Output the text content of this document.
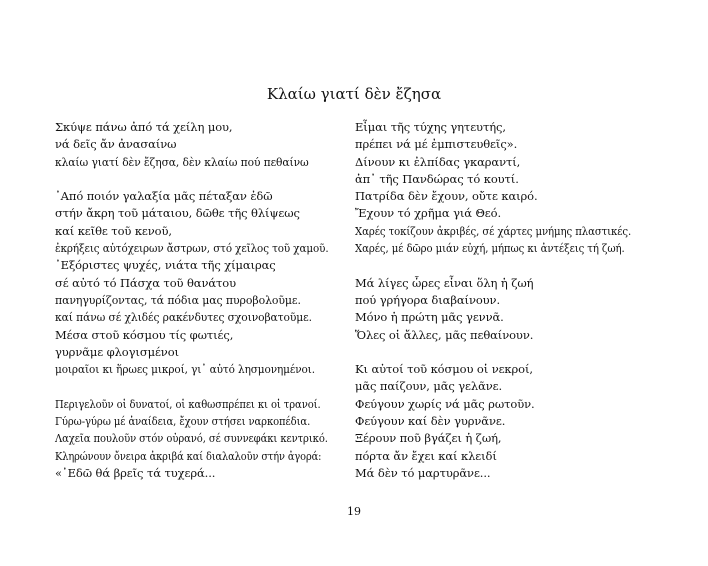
Κλαίω γιατί δὲν ἔζησα
Σκύψε πάνω ἀπό τά χείλη μου,
νά δεῖς ἄν ἀνασαίνω
κλαίω γιατί δὲν ἔζησα, δὲν κλαίω πού πεθαίνω
᾿Από ποιόν γαλαξία μᾶς πέταξαν ἐδῶ
στήν ἄκρη τοῦ μάταιου, δῶθε τῆς θλίψεως
καί κεῖθε τοῦ κενοῦ,
ἐκρήξεις αὐτόχειρων ἄστρων, στό χεῖλος τοῦ χαμοῦ.
᾿Εξόριστες ψυχές, νιάτα τῆς χίμαιρας
σέ αὐτό τό Πάσχα τοῦ θανάτου
πανηγυρίζοντας, τά πόδια μας πυροβολοῦμε.
καί πάνω σέ χλιδές ρακένδυτες σχοινοβατοῦμε.
Μέσα στοῦ κόσμου τίς φωτιές,
γυρνᾶμε φλογισμένοι
μοιραῖοι κι ἥρωες μικροί, γι᾿ αὐτό λησμονημένοι.
Περιγελοῦν οἱ δυνατοί, οἱ καθωσπρέπει κι οἱ τρανοί.
Γύρω-γύρω μέ ἀναίδεια, ἔχουν στήσει ναρκοπέδια.
Λαχεῖα πουλοῦν στόν οὐρανό, σέ συννεφάκι κεντρικό.
Κληρώνουν ὄνειρα ἀκριβά καί διαλαλοῦν στήν ἀγορά:
«᾿Εδῶ θά βρεῖς τά τυχερά...
Εἶμαι τῆς τύχης γητευτής,
πρέπει νά μέ ἐμπιστευθεῖς».
Δίνουν κι ἐλπίδας γκαραντί,
ἀπ᾿ τῆς Πανδώρας τό κουτί.
Πατρίδα δὲν ἔχουν, οὔτε καιρό.
Ἔχουν τό χρῆμα γιά Θεό.
Χαρές τοκίζουν ἀκριβές, σέ χάρτες μνήμης πλαστικές.
Χαρές, μέ δῶρο μιάν εὐχή, μήπως κι ἀντέξεις τή ζωή.
Μά λίγες ὧρες εἶναι ὅλη ἡ ζωή
πού γρήγορα διαβαίνουν.
Μόνο ἡ πρώτη μᾶς γεννᾶ.
Ὅλες οἱ ἄλλες, μᾶς πεθαίνουν.
Κι αὐτοί τοῦ κόσμου οἱ νεκροί,
μᾶς παίζουν, μᾶς γελᾶνε.
Φεύγουν χωρίς νά μᾶς ρωτοῦν.
Φεύγουν καί δὲν γυρνᾶνε.
Ξέρουν ποῦ βγάζει ἡ ζωή,
πόρτα ἄν ἔχει καί κλειδί
Μά δὲν τό μαρτυρᾶνε...
19
